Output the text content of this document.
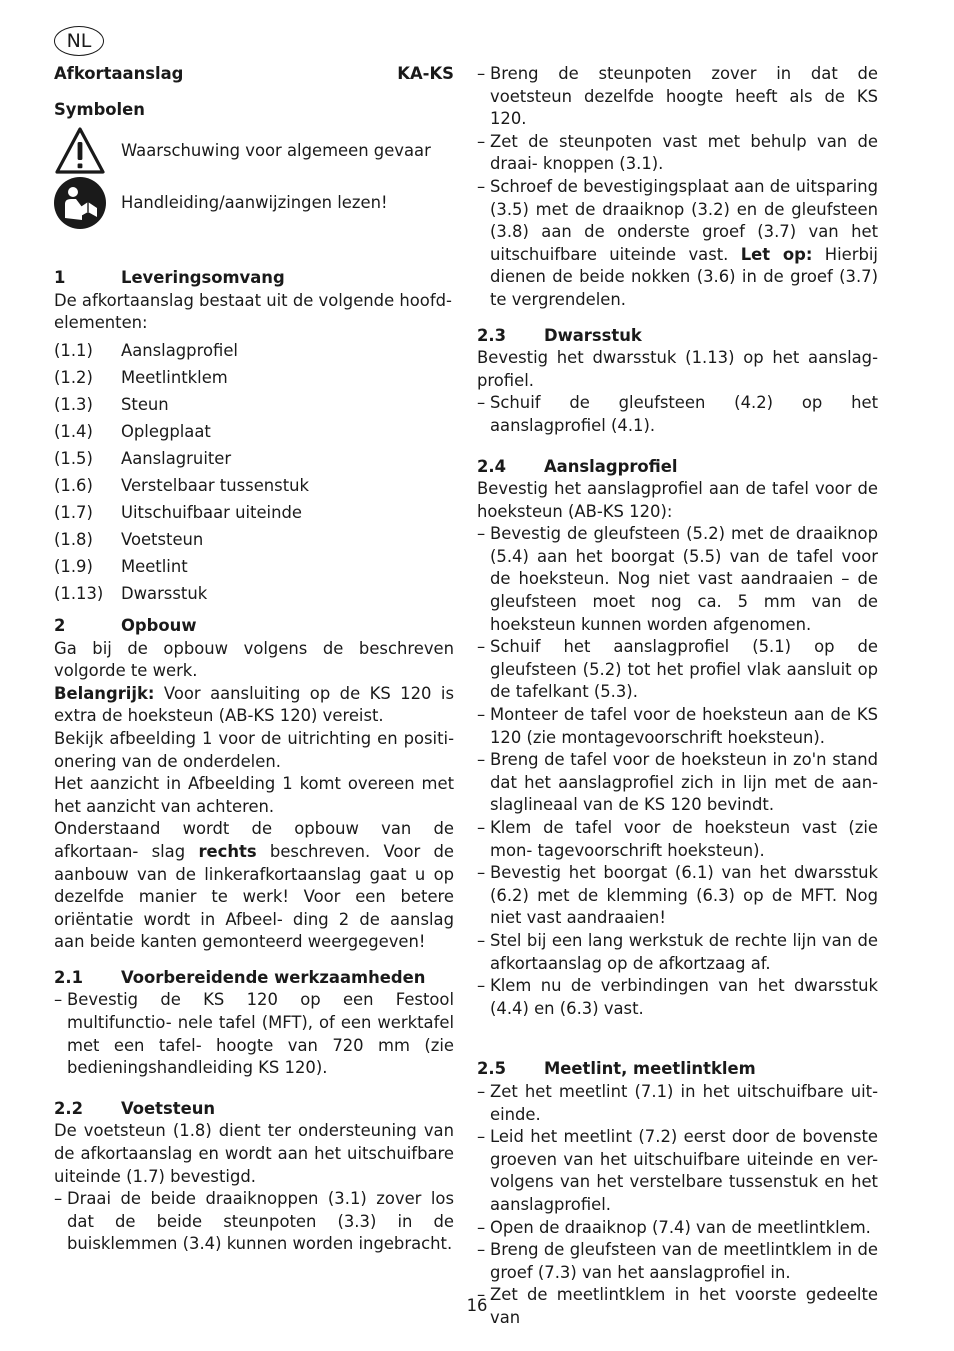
NL
Afkortaanslag	KA-KS

Symbolen

Waarschuwing voor algemeen gevaar
Handleiding/aanwijzingen lezen!

1	Leveringsomvang

De afkortaanslag bestaat uit de volgende hoofd- elementen:

(1.1)	Aanslagprofiel
(1.2)	Meetlintklem
(1.3)	Steun
(1.4)	Oplegplaat
(1.5)	Aanslagruiter
(1.6)	Verstelbaar tussenstuk
(1.7)	Uitschuifbaar uiteinde
(1.8)	Voetsteun
(1.9)	Meetlint
(1.13)	Dwarsstuk

2	Opbouw

Ga bij de opbouw volgens de beschreven volgorde te werk.

Belangrijk: Voor aansluiting op de KS 120 is extra de hoeksteun (AB-KS 120) vereist.

Bekijk afbeelding 1 voor de uitrichting en positi- onering van de onderdelen.

Het aanzicht in Afbeelding 1 komt overeen met het aanzicht van achteren.

Onderstaand wordt de opbouw van de afkortaan- slag rechts beschreven. Voor de aanbouw van de linkerafkortaanslag gaat u op dezelfde manier te werk! Voor een betere oriëntatie wordt in Afbeel- ding 2 de aanslag aan beide kanten gemonteerd weergegeven!

2.1 Voorbereidende werkzaamheden

– Bevestig de KS 120 op een Festool multifunctio- nele tafel (MFT), of een werktafel met een tafel- hoogte van 720 mm (zie bedieningshandleiding KS 120).

2.2 Voetsteun

De voetsteun (1.8) dient ter ondersteuning van de afkortaanslag en wordt aan het uitschuifbare uiteinde (1.7) bevestigd.

– Draai de beide draaiknoppen (3.1) zover los dat de beide steunpoten (3.3) in de buisklemmen (3.4) kunnen worden ingebracht.

– Breng de steunpoten zover in dat de voetsteun dezelfde hoogte heeft als de KS 120.

– Zet de steunpoten vast met behulp van de draai- knoppen (3.1).

– Schroef de bevestigingsplaat aan de uitsparing (3.5) met de draaiknop (3.2) en de gleufsteen (3.8) aan de onderste groef (3.7) van het uitschuifbare uiteinde vast. Let op: Hierbij dienen de beide nokken (3.6) in de groef (3.7) te vergrendelen.

2.3 Dwarsstuk

Bevestig het dwarsstuk (1.13) op het aanslag- profiel.

– Schuif de gleufsteen (4.2) op het aanslagprofiel (4.1).

2.4 Aanslagprofiel

Bevestig het aanslagprofiel aan de tafel voor de hoeksteun (AB-KS 120):

– Bevestig de gleufsteen (5.2) met de draaiknop (5.4) aan het boorgat (5.5) van de tafel voor de hoeksteun. Nog niet vast aandraaien – de gleufsteen moet nog ca. 5 mm van de hoeksteun kunnen worden afgenomen.

– Schuif het aanslagprofiel (5.1) op de gleufsteen (5.2) tot het profiel vlak aansluit op de tafelkant (5.3).

– Monteer de tafel voor de hoeksteun aan de KS 120 (zie montagevoorschrift hoeksteun).

– Breng de tafel voor de hoeksteun in zo'n stand dat het aanslagprofiel zich in lijn met de aan- slaglineaal van de KS 120 bevindt.

– Klem de tafel voor de hoeksteun vast (zie mon- tagevoorschrift hoeksteun).

– Bevestig het boorgat (6.1) van het dwarsstuk (6.2) met de klemming (6.3) op de MFT. Nog niet vast aandraaien!

– Stel bij een lang werkstuk de rechte lijn van de afkortaanslag op de afkortzaag af.

– Klem nu de verbindingen van het dwarsstuk (4.4) en (6.3) vast.

2.5 Meetlint, meetlintklem

– Zet het meetlint (7.1) in het uitschuifbare uit- einde.

– Leid het meetlint (7.2) eerst door de bovenste groeven van het uitschuifbare uiteinde en ver- volgens van het verstelbare tussenstuk en het aanslagprofiel.

– Open de draaiknop (7.4) van de meetlintklem.

– Breng de gleufsteen van de meetlintklem in de groef (7.3) van het aanslagprofiel in.

– Zet de meetlintklem in het voorste gedeelte van

16
